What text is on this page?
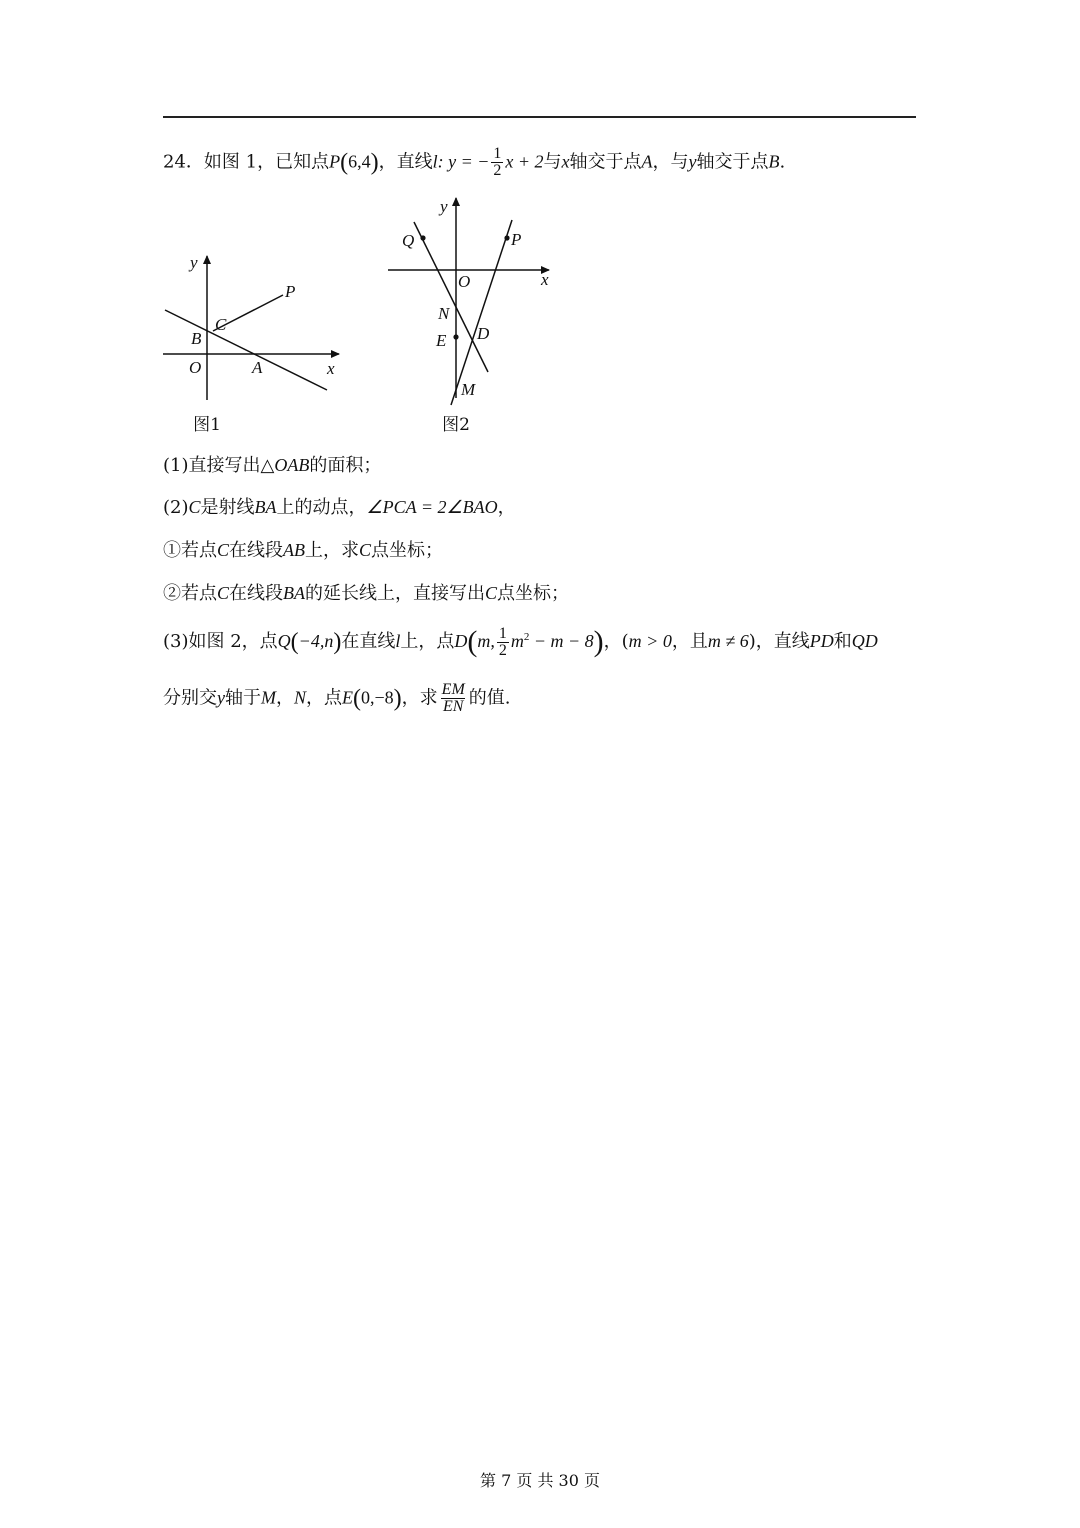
24．如图 1，已知点P(6,4)，直线l: y = − $\frac{1}{2}$ x + 2与x轴交于点A，与y轴交于点B.
y
x
P
C
B
O	A
图1
y
x
Q	P
O
N
E D
M
图2
(1)直接写出△OAB的面积；
(2)C是射线BA上的动点，∠PCA = 2∠BAO，
①若点C在线段AB上，求C点坐标；
②若点C在线段BA的延长线上，直接写出C点坐标；
(3)如图 2，点Q(−4,n)在直线l上，点D(m, $\frac{1}{2} m^2 - m - 8$)，(m > 0，且m ≠ 6)，直线PD和QD
分别交y轴于M，N，点E(0,−8)，求 $\frac{EM}{EN}$ 的值.
第 7 页 共 30 页
